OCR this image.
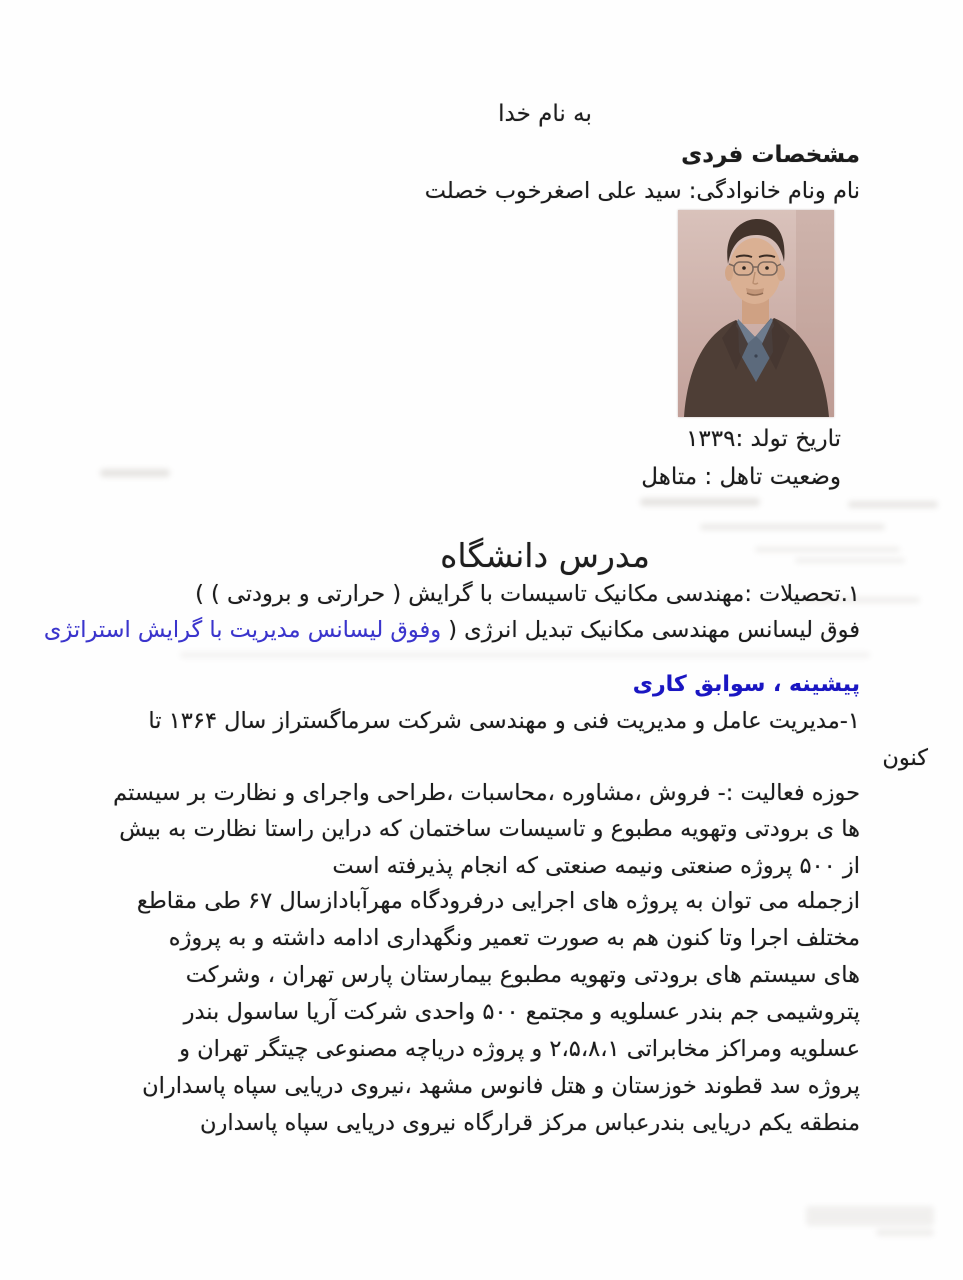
به نام خدا
مشخصات فردی
نام ونام خانوادگی: سید علی اصغرخوب خصلت
تاریخ تولد :۱۳۳۹
وضعیت تاهل : متاهل
مدرس دانشگاه
۱.تحصیلات :مهندسی مکانیک تاسیسات با گرایش ( حرارتی و برودتی ) )
فوق لیسانس مهندسی مکانیک تبدیل انرژی ( وفوق لیسانس مدیریت با گرایش استراتژی
پیشینه ، سوابق کاری
۱-مدیریت عامل و مدیریت فنی و مهندسی شرکت سرماگستراز سال ۱۳۶۴ تا
کنون
حوزه فعالیت :- فروش ،مشاوره ،محاسبات ،طراحی واجرای و نظارت بر سیستم
ها ی برودتی وتهویه مطبوع و تاسیسات ساختمان که دراین راستا نظارت به بیش
از ۵۰۰ پروژه صنعتی ونیمه صنعتی که انجام پذیرفته است
ازجمله می توان به پروژه های اجرایی درفرودگاه مهرآبادازسال ۶۷ طی مقاطع
مختلف اجرا وتا کنون هم به صورت تعمیر ونگهداری ادامه داشته و به پروژه
های سیستم های برودتی وتهویه مطبوع بیمارستان پارس تهران ، وشرکت
پتروشیمی جم بندر عسلویه و مجتمع ۵۰۰ واحدی شرکت آریا ساسول بندر
عسلویه ومراکز مخابراتی ۲،۵،۸،۱ و پروژه دریاچه مصنوعی چیتگر تهران و
پروژه سد قطوند خوزستان و هتل فانوس مشهد ،نیروی دریایی سپاه پاسداران
منطقه یکم دریایی بندرعباس مرکز قرارگاه نیروی دریایی سپاه پاسدارن
